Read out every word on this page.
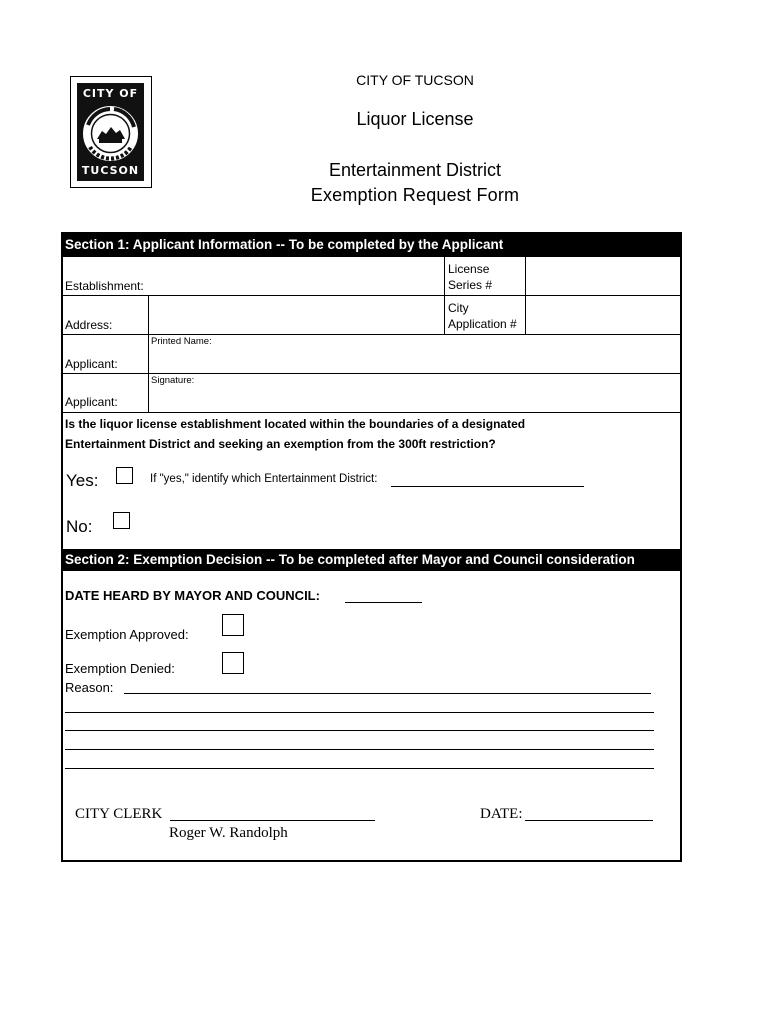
CITY OF
TUCSON
CITY OF TUCSON
Liquor License
Entertainment District
Exemption Request Form
Section 1: Applicant Information -- To be completed by the Applicant
Establishment:
License
Series #
Address:
City
Application #
Applicant:
Printed Name:
Applicant:
Signature:
Is the liquor license establishment located within the boundaries of a designated
Entertainment District and seeking an exemption from the 300ft restriction?
Yes:	If "yes," identify which Entertainment District:
No:
Section 2: Exemption Decision -- To be completed after Mayor and Council consideration
DATE HEARD BY MAYOR AND COUNCIL:
Exemption Approved:
Exemption Denied:
Reason:
CITY CLERK
Roger W. Randolph
DATE:
